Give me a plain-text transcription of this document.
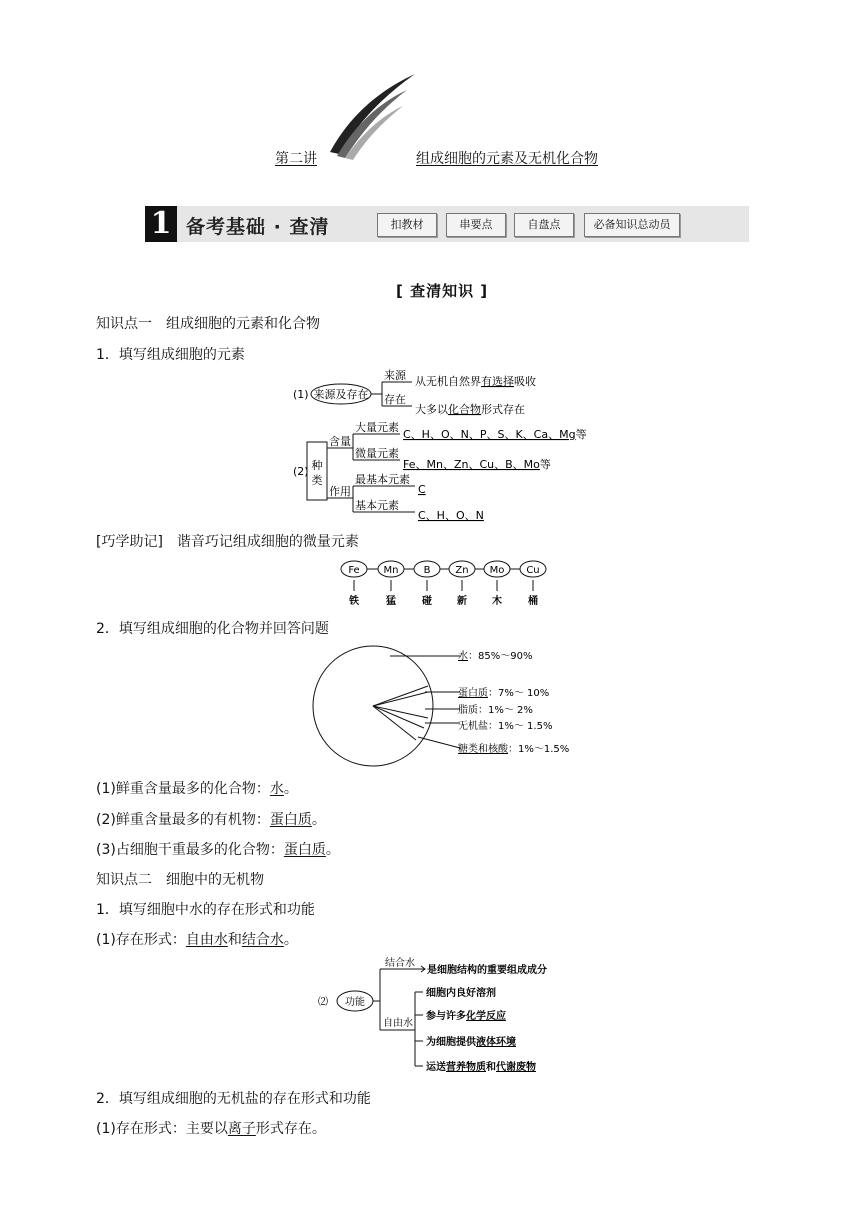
第二讲	组成细胞的元素及无机化合物
1 备考基础 · 查清	扣教材	串要点	自盘点	必备知识总动员
[ 查清知识 ]
知识点一　组成细胞的元素和化合物
1．填写组成细胞的元素
(1) 来源及存在
来源
存在
从无机自然界有选择吸收
大多以化合物形式存在
(2) 种
类
含量
作用
大量元素
微量元素
C、H、O、N、P、S、K、Ca、Mg等
Fe、Mn、Zn、Cu、B、Mo等
最基本元素
基本元素
C
C、H、O、N
[巧学助记]　谐音巧记组成细胞的微量元素
Fe
铁
Mn
猛
B
碰
Zn
新
Mo
木
Cu
桶
2．填写组成细胞的化合物并回答问题
水：85%～90%
蛋白质：7%～ 10%
脂质：1%～ 2%
无机盐：1%～ 1.5%
糖类和核酸：1%～1.5%
(1)鲜重含量最多的化合物：水。
(2)鲜重含量最多的有机物：蛋白质。
(3)占细胞干重最多的化合物：蛋白质。
知识点二　细胞中的无机物
1．填写细胞中水的存在形式和功能
(1)存在形式：自由水和结合水。
⑵ 功能
结合水
自由水
是细胞结构的重要组成成分
细胞内良好溶剂
参与许多化学反应
为细胞提供液体环境
运送营养物质和代谢废物
2．填写组成细胞的无机盐的存在形式和功能
(1)存在形式：主要以离子形式存在。
